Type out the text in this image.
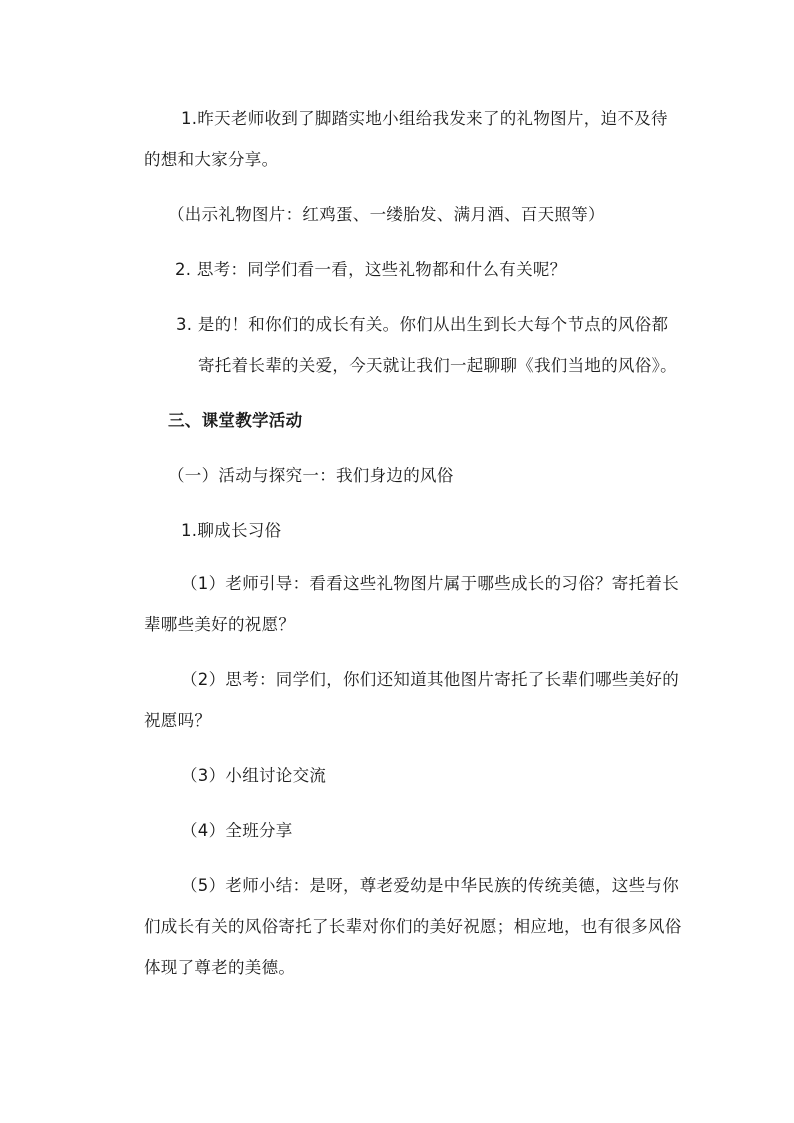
1.昨天老师收到了脚踏实地小组给我发来了的礼物图片，迫不及待的想和大家分享。

（出示礼物图片：红鸡蛋、一缕胎发、满月酒、百天照等）

2. 思考：同学们看一看，这些礼物都和什么有关呢？

3. 是的！和你们的成长有关。你们从出生到长大每个节点的风俗都寄托着长辈的关爱，今天就让我们一起聊聊《我们当地的风俗》。

三、课堂教学活动

（一）活动与探究一：我们身边的风俗

1.聊成长习俗

（1）老师引导：看看这些礼物图片属于哪些成长的习俗？寄托着长辈哪些美好的祝愿？

（2）思考：同学们，你们还知道其他图片寄托了长辈们哪些美好的祝愿吗？

（3）小组讨论交流

（4）全班分享

（5）老师小结：是呀，尊老爱幼是中华民族的传统美德，这些与你们成长有关的风俗寄托了长辈对你们的美好祝愿；相应地，也有很多风俗体现了尊老的美德。
